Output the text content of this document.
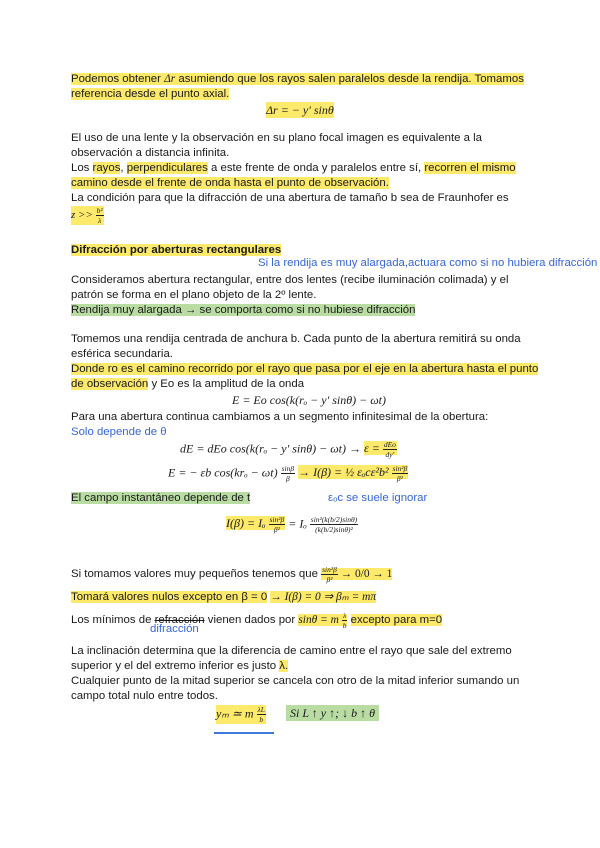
Podemos obtener Δr asumiendo que los rayos salen paralelos desde la rendija. Tomamos
referencia desde el punto axial.
Δr = − y′ sinθ
El uso de una lente y la observación en su plano focal imagen es equivalente a la
observación a distancia infinita.
Los rayos, perpendiculares a este frente de onda y paralelos entre sí, recorren el mismo
camino desde el frente de onda hasta el punto de observación.
La condición para que la difracción de una abertura de tamaño b sea de Fraunhofer es
$z >> \frac{\text{b²}}{\lambda}$
Difracción por aberturas rectangulares
Si la rendija es muy alargada,actuara como si no hubiera difracción
Consideramos abertura rectangular, entre dos lentes (recibe iluminación colimada) y el
patrón se forma en el plano objeto de la 2º lente.
Rendija muy alargada → se comporta como si no hubiese difracción
Tomemos una rendija centrada de anchura b. Cada punto de la abertura remitirá su onda
esférica secundaria.
Donde ro es el camino recorrido por el rayo que pasa por el eje en la abertura hasta el punto
de observación y Eo es la amplitud de la onda
E = Eo cos(k(rₒ − y′ sinθ) − ωt)
Para una abertura continua cambiamos a un segmento infinitesimal de la obertura:
Solo depende de θ
dE = dEo cos(k(rₒ − y′ $\sin\theta) - \omega t) \to \varepsilon = \frac{\text{dEo}}{dy'}$
E = − εb $\cos(kr_o - \omega t) \frac{\sin\beta}{\beta} \to I(\beta)$ = ½ $\varepsilon_oc\varepsilon^2b^2 \frac{\text{sin²β}}{\text{β²}}$
El campo instantáneo depende de t	εₒc se suele ignorar
I(β) = Iₒ $\frac{\text{sin²β}}{\text{β²}} = I_o \frac{\text{sin²(k(b/2)sinθ)}}{\text{(k(b/2)sinθ)²}}$
Si tomamos valores muy pequeños tenemos que $\frac{\text{sin²β}}{\text{β²}} \to 0/0 \to 1$
Tomará valores nulos excepto en β = 0 → I(β) = 0 ⇒ βₘ = mπ
Los mínimos de refracción vienen dados por sinθ = m $\frac{\lambda}{b}$ excepto para m=0
difracción
La inclinación determina que la diferencia de camino entre el rayo que sale del extremo
superior y el del extremo inferior es justo λ.
Cualquier punto de la mitad superior se cancela con otro de la mitad inferior sumando un
campo total nulo entre todos.
yₘ ≃ m $\frac{\lambda L}{b}$	Si L ↑ y ↑; ↓ b ↑ θ
